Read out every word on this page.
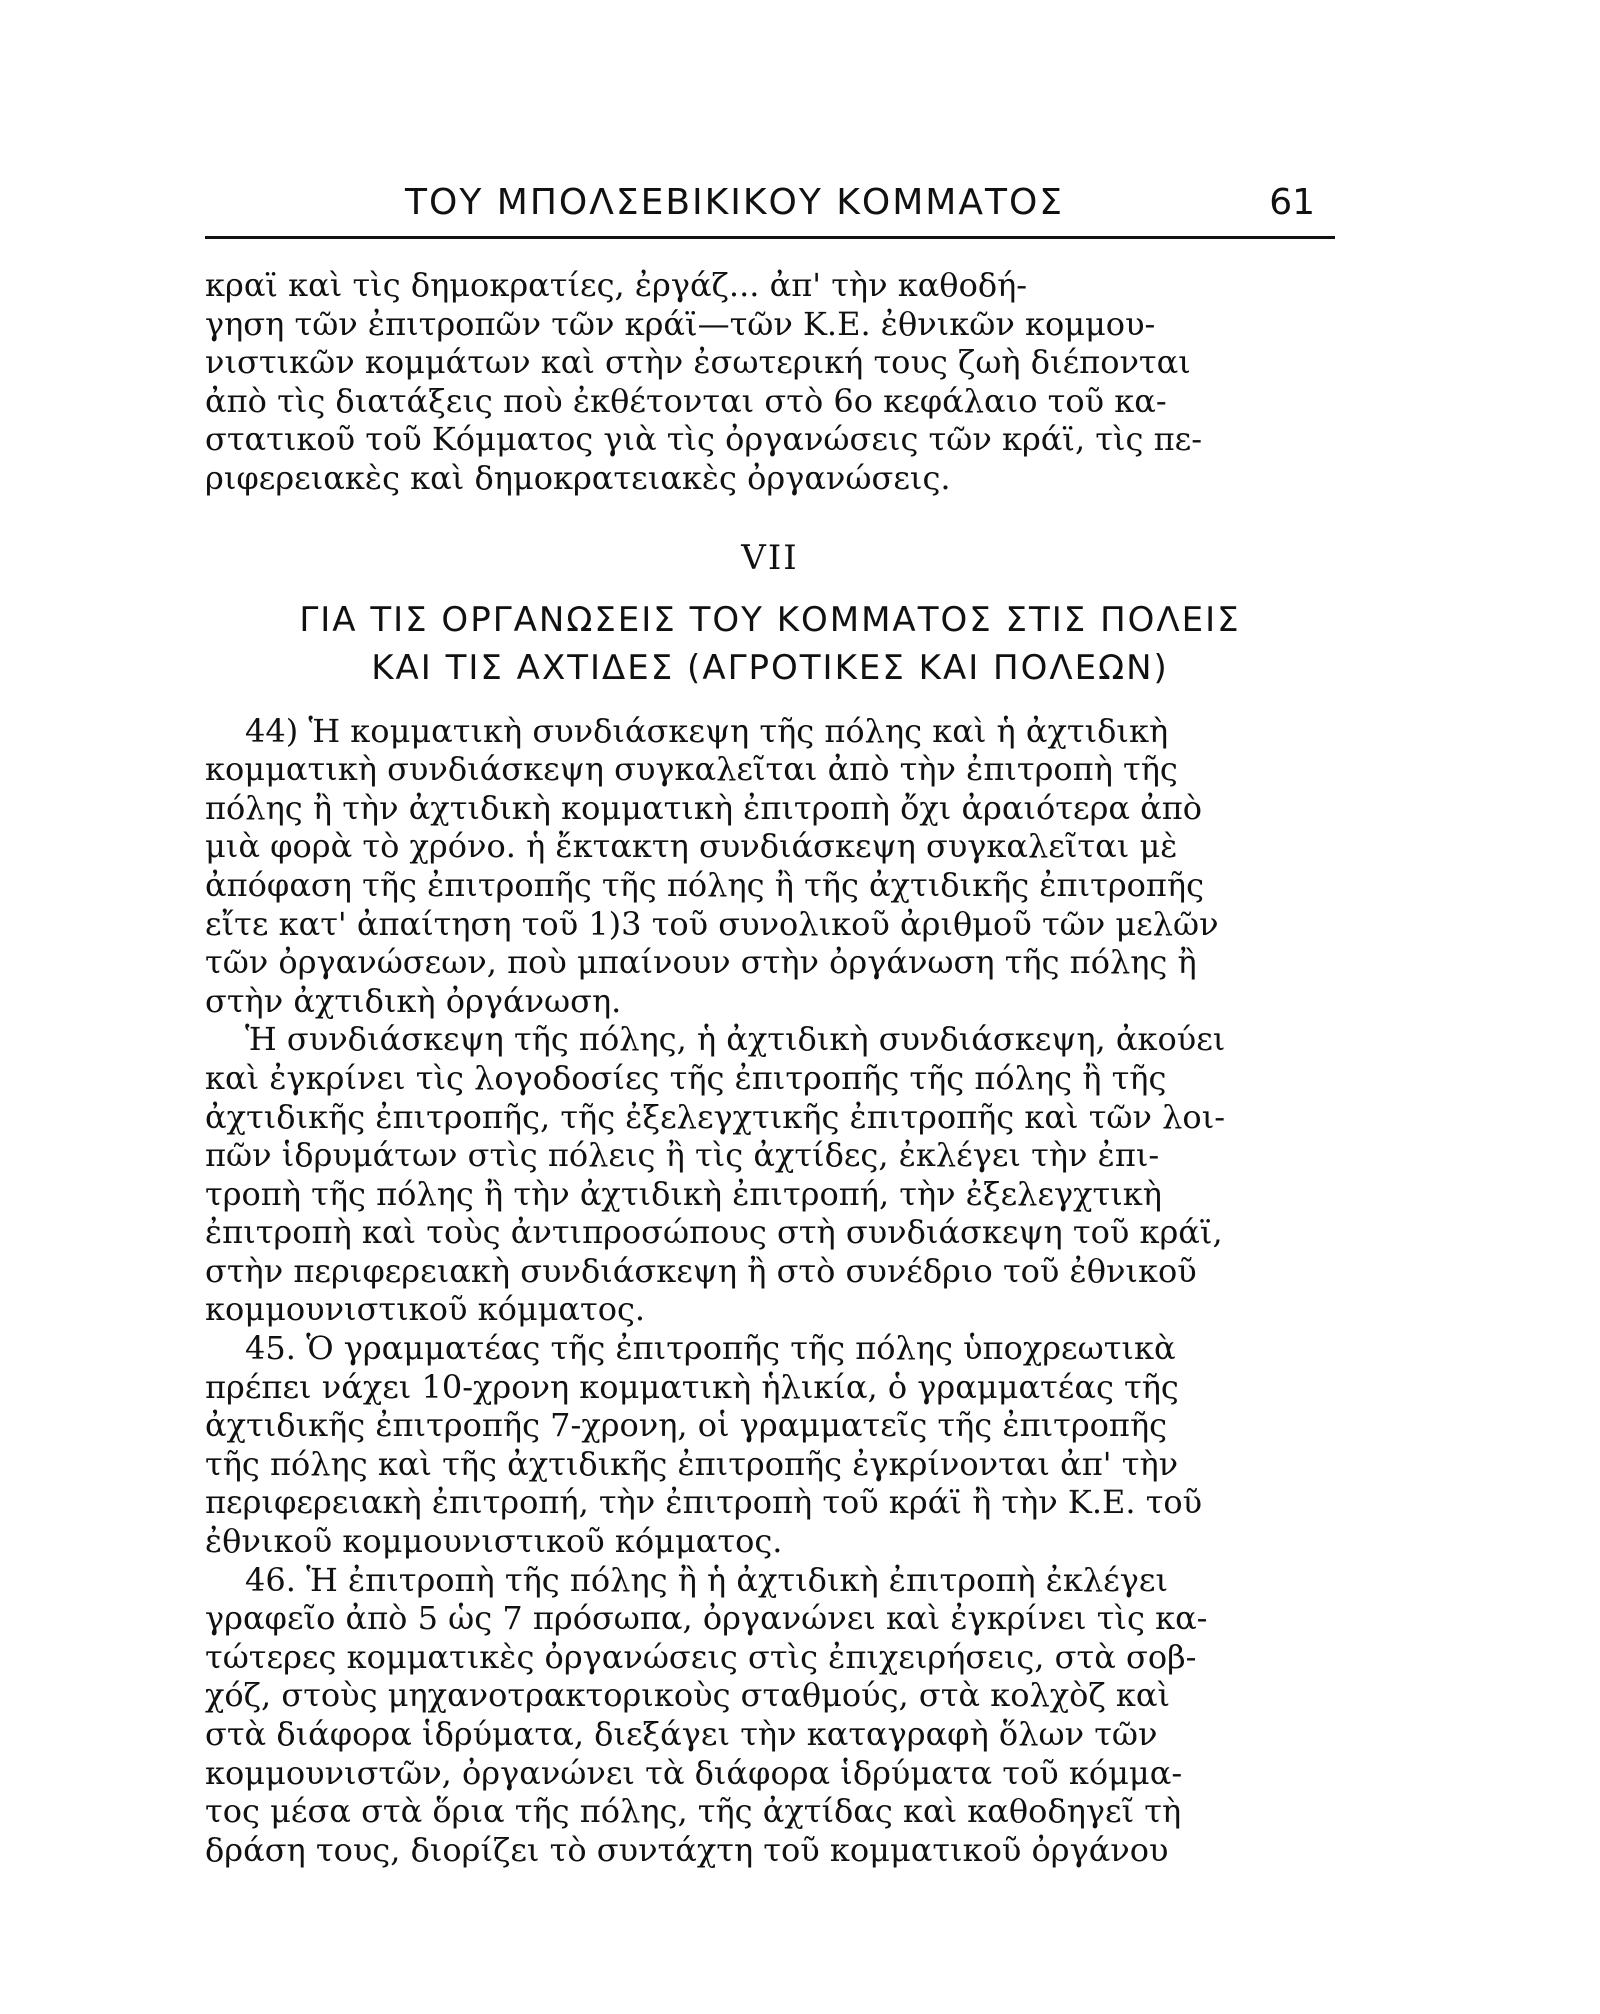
ΤΟΥ ΜΠΟΛΣΕΒΙΚΙΚΟΥ ΚΟΜΜΑΤΟΣ	61
κραϊ καὶ τὶς δημοκρατίες, ἐργάζ... ἀπ' τὴν καθοδή-
γηση τῶν ἐπιτροπῶν τῶν κράϊ—τῶν Κ.Ε. ἐθνικῶν κομμου-
νιστικῶν κομμάτων καὶ στὴν ἐσωτερική τους ζωὴ διέπονται
ἀπὸ τὶς διατάξεις ποὺ ἐκθέτονται στὸ 6ο κεφάλαιο τοῦ κα-
στατικοῦ τοῦ Κόμματος γιὰ τὶς ὀργανώσεις τῶν κράϊ, τὶς πε-
ριφερειακὲς καὶ δημοκρατειακὲς ὀργανώσεις.
VII
ΓΙΑ ΤΙΣ ΟΡΓΑΝΩΣΕΙΣ ΤΟΥ ΚΟΜΜΑΤΟΣ ΣΤΙΣ ΠΟΛΕΙΣ
ΚΑΙ ΤΙΣ ΑΧΤΙΔΕΣ (ΑΓΡΟΤΙΚΕΣ ΚΑΙ ΠΟΛΕΩΝ)
44) Ἡ κομματικὴ συνδιάσκεψη τῆς πόλης καὶ ἡ ἀχτιδικὴ
κομματικὴ συνδιάσκεψη συγκαλεῖται ἀπὸ τὴν ἐπιτροπὴ τῆς
πόλης ἢ τὴν ἀχτιδικὴ κομματικὴ ἐπιτροπὴ ὄχι ἀραιότερα ἀπὸ
μιὰ φορὰ τὸ χρόνο. ἡ ἔκτακτη συνδιάσκεψη συγκαλεῖται μὲ
ἀπόφαση τῆς ἐπιτροπῆς τῆς πόλης ἢ τῆς ἀχτιδικῆς ἐπιτροπῆς
εἴτε κατ' ἀπαίτηση τοῦ 1)3 τοῦ συνολικοῦ ἀριθμοῦ τῶν μελῶν
τῶν ὀργανώσεων, ποὺ μπαίνουν στὴν ὀργάνωση τῆς πόλης ἢ
στὴν ἀχτιδικὴ ὀργάνωση.
Ἡ συνδιάσκεψη τῆς πόλης, ἡ ἀχτιδικὴ συνδιάσκεψη, ἀκούει
καὶ ἐγκρίνει τὶς λογοδοσίες τῆς ἐπιτροπῆς τῆς πόλης ἢ τῆς
ἀχτιδικῆς ἐπιτροπῆς, τῆς ἐξελεγχτικῆς ἐπιτροπῆς καὶ τῶν λοι-
πῶν ἱδρυμάτων στὶς πόλεις ἢ τὶς ἀχτίδες, ἐκλέγει τὴν ἐπι-
τροπὴ τῆς πόλης ἢ τὴν ἀχτιδικὴ ἐπιτροπή, τὴν ἐξελεγχτικὴ
ἐπιτροπὴ καὶ τοὺς ἀντιπροσώπους στὴ συνδιάσκεψη τοῦ κράϊ,
στὴν περιφερειακὴ συνδιάσκεψη ἢ στὸ συνέδριο τοῦ ἐθνικοῦ
κομμουνιστικοῦ κόμματος.
45. Ὁ γραμματέας τῆς ἐπιτροπῆς τῆς πόλης ὑποχρεωτικὰ
πρέπει νάχει 10-χρονη κομματικὴ ἡλικία, ὁ γραμματέας τῆς
ἀχτιδικῆς ἐπιτροπῆς 7-χρονη, οἱ γραμματεῖς τῆς ἐπιτροπῆς
τῆς πόλης καὶ τῆς ἀχτιδικῆς ἐπιτροπῆς ἐγκρίνονται ἀπ' τὴν
περιφερειακὴ ἐπιτροπή, τὴν ἐπιτροπὴ τοῦ κράϊ ἢ τὴν Κ.Ε. τοῦ
ἐθνικοῦ κομμουνιστικοῦ κόμματος.
46. Ἡ ἐπιτροπὴ τῆς πόλης ἢ ἡ ἀχτιδικὴ ἐπιτροπὴ ἐκλέγει
γραφεῖο ἀπὸ 5 ὡς 7 πρόσωπα, ὀργανώνει καὶ ἐγκρίνει τὶς κα-
τώτερες κομματικὲς ὀργανώσεις στὶς ἐπιχειρήσεις, στὰ σοβ-
χόζ, στοὺς μηχανοτρακτορικοὺς σταθμούς, στὰ κολχὸζ καὶ
στὰ διάφορα ἱδρύματα, διεξάγει τὴν καταγραφὴ ὅλων τῶν
κομμουνιστῶν, ὀργανώνει τὰ διάφορα ἱδρύματα τοῦ κόμμα-
τος μέσα στὰ ὅρια τῆς πόλης, τῆς ἀχτίδας καὶ καθοδηγεῖ τὴ
δράση τους, διορίζει τὸ συντάχτη τοῦ κομματικοῦ ὀργάνου
